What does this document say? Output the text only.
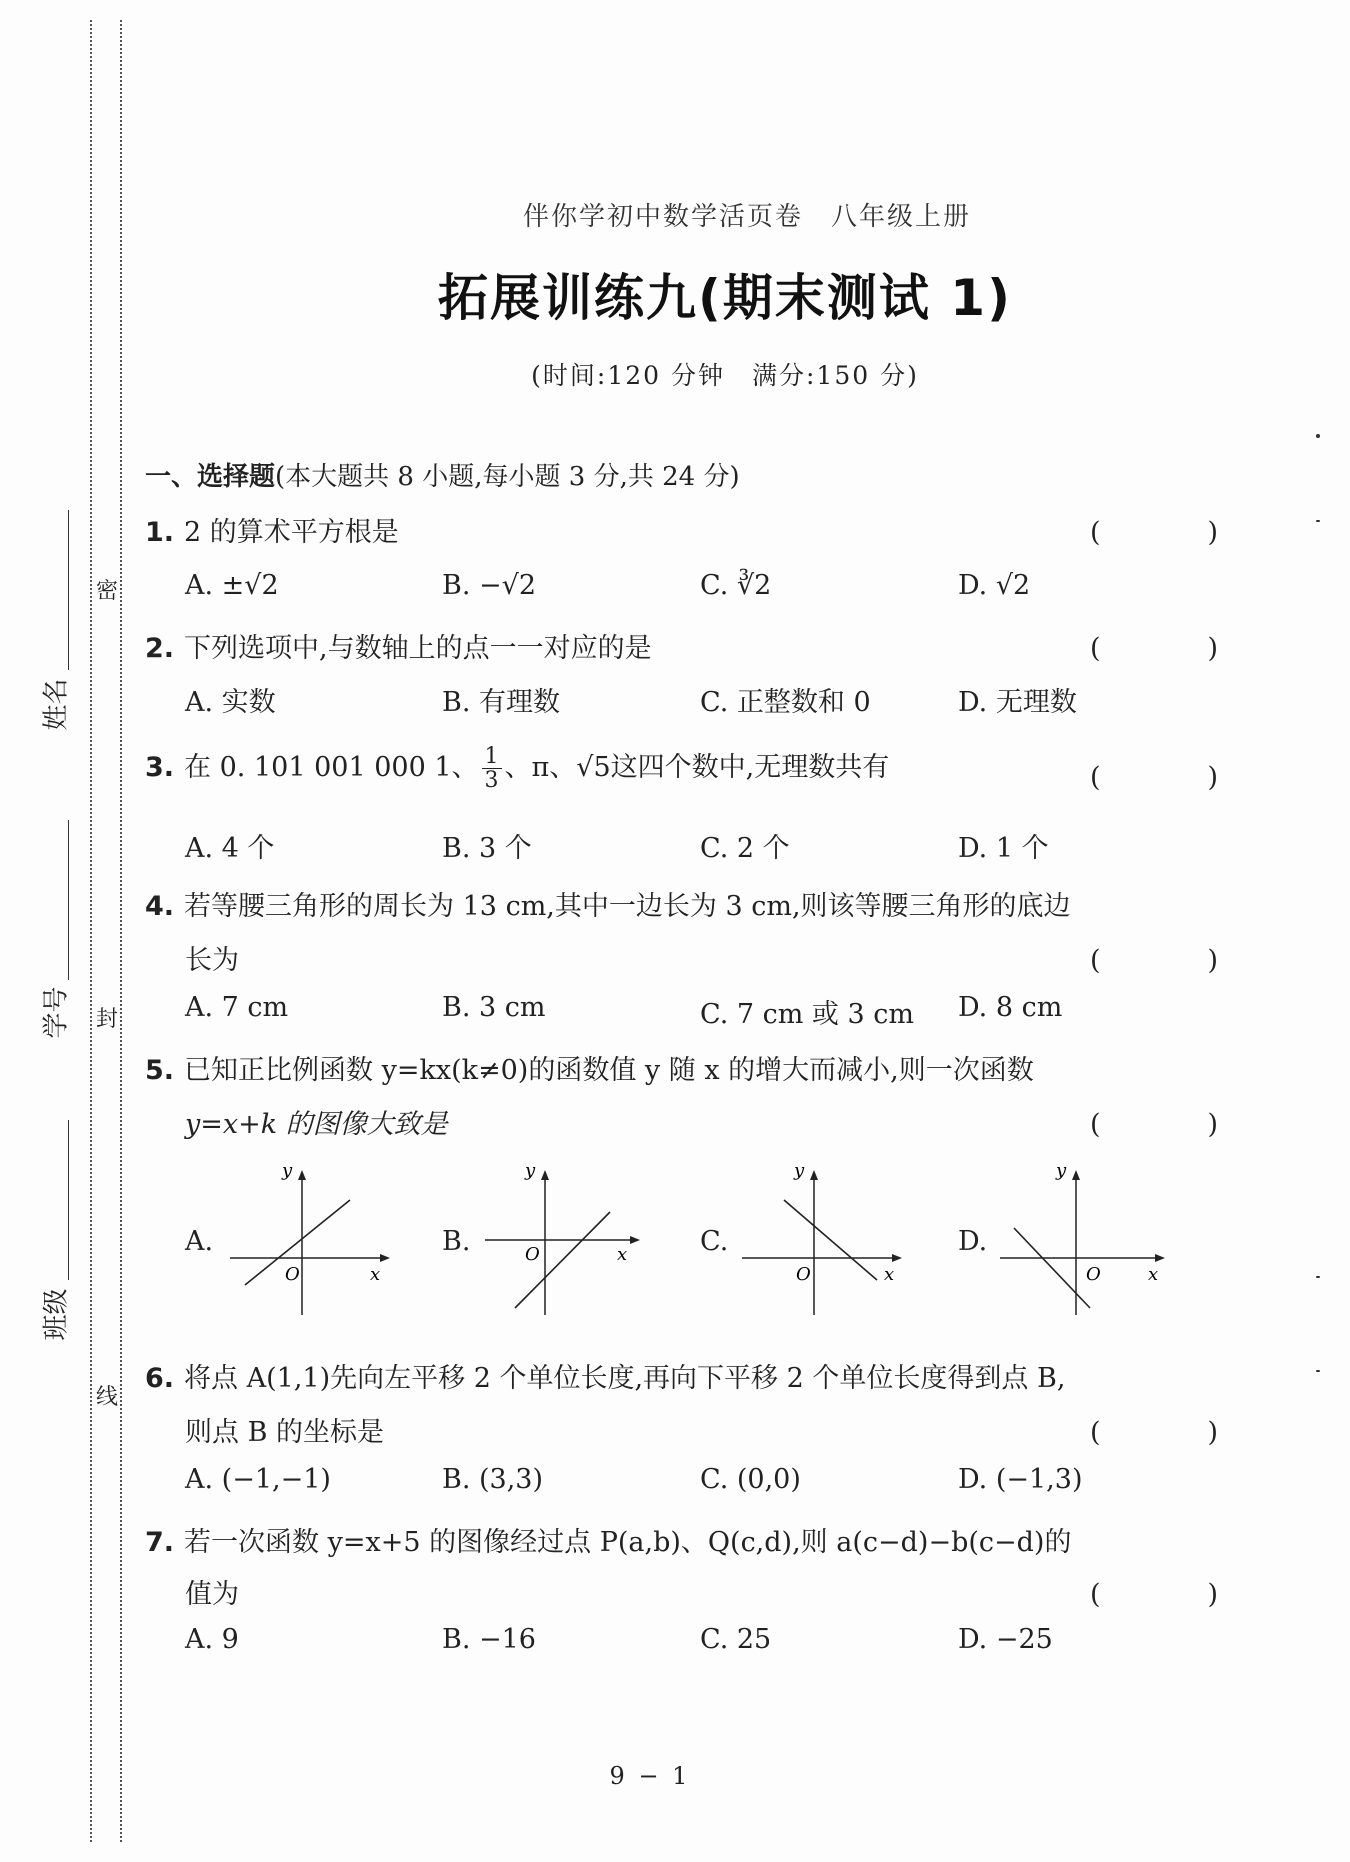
密
封
线
姓名
学号
班级
伴你学初中数学活页卷　八年级上册
拓展训练九(期末测试 1)
(时间:120 分钟　满分:150 分)
一、选择题(本大题共 8 小题,每小题 3 分,共 24 分)
1. 2 的算术平方根是	(　)
A. ±√2	B. −√2	C. ∛2	D. √2
2. 下列选项中,与数轴上的点一一对应的是	(　)
A. 实数	B. 有理数	C. 正整数和 0	D. 无理数
3. 在 0. 101 001 000 1、 $\frac{1}{3}$ 、π、√5这四个数中,无理数共有	(　)
A. 4 个	B. 3 个	C. 2 个	D. 1 个
4. 若等腰三角形的周长为 13 cm,其中一边长为 3 cm,则该等腰三角形的底边
长为	(　)
A. 7 cm	B. 3 cm	C. 7 cm 或 3 cm D. 8 cm
5. 已知正比例函数 y=kx(k≠0)的函数值 y 随 x 的增大而减小,则一次函数
y=x+k 的图像大致是	(　)
A.	B.	C.	D.
y
x
O
y
x
O
y
x
O
y
x
O
6. 将点 A(1,1)先向左平移 2 个单位长度,再向下平移 2 个单位长度得到点 B,
则点 B 的坐标是	(　)
A. (−1,−1)	B. (3,3)	C. (0,0)	D. (−1,3)
7. 若一次函数 y=x+5 的图像经过点 P(a,b)、Q(c,d),则 a(c−d)−b(c−d)的
值为	(　)
A. 9	B. −16	C. 25	D. −25
9 − 1
